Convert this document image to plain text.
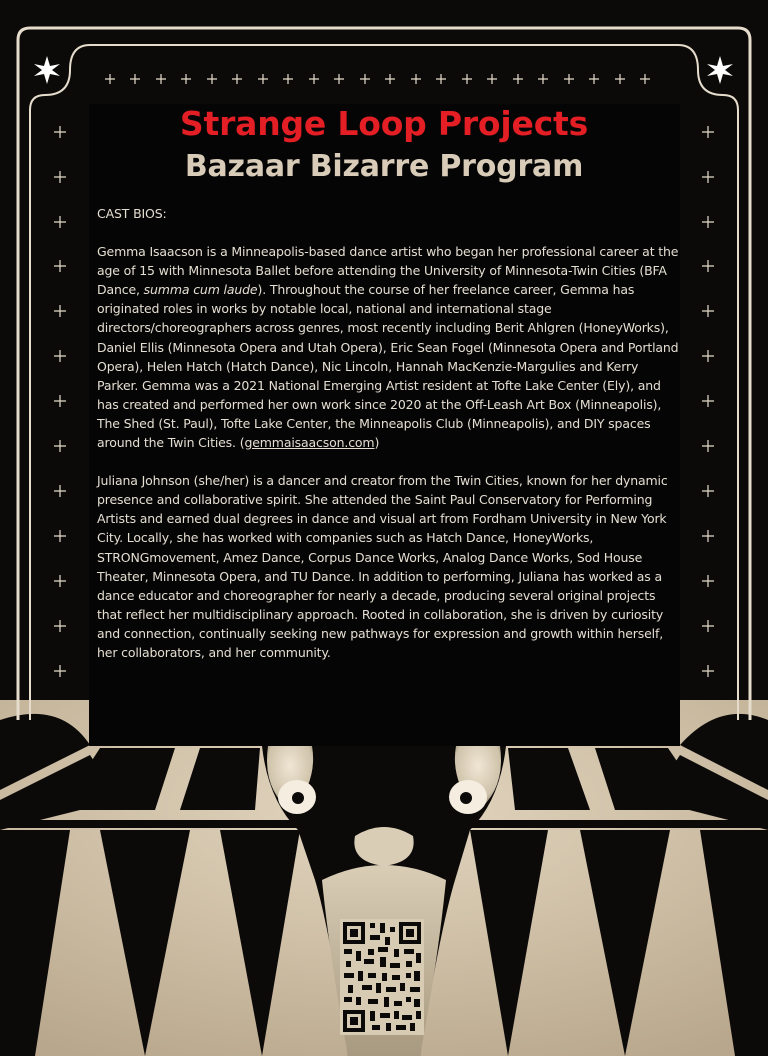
Strange Loop Projects
Bazaar Bizarre Program

CAST BIOS:

Gemma Isaacson is a Minneapolis-based dance artist who began her professional career at the age of 15 with Minnesota Ballet before attending the University of Minnesota-Twin Cities (BFA Dance, summa cum laude). Throughout the course of her freelance career, Gemma has originated roles in works by notable local, national and international stage directors/choreographers across genres, most recently including Berit Ahlgren (HoneyWorks), Daniel Ellis (Minnesota Opera and Utah Opera), Eric Sean Fogel (Minnesota Opera and Portland Opera), Helen Hatch (Hatch Dance), Nic Lincoln, Hannah MacKenzie-Margulies and Kerry Parker. Gemma was a 2021 National Emerging Artist resident at Tofte Lake Center (Ely), and has created and performed her own work since 2020 at the Off-Leash Art Box (Minneapolis), The Shed (St. Paul), Tofte Lake Center, the Minneapolis Club (Minneapolis), and DIY spaces around the Twin Cities. (gemmaisaacson.com)

Juliana Johnson (she/her) is a dancer and creator from the Twin Cities, known for her dynamic presence and collaborative spirit. She attended the Saint Paul Conservatory for Performing Artists and earned dual degrees in dance and visual art from Fordham University in New York City. Locally, she has worked with companies such as Hatch Dance, HoneyWorks, STRONGmovement, Amez Dance, Corpus Dance Works, Analog Dance Works, Sod House Theater, Minnesota Opera, and TU Dance. In addition to performing, Juliana has worked as a dance educator and choreographer for nearly a decade, producing several original projects that reflect her multidisciplinary approach. Rooted in collaboration, she is driven by curiosity and connection, continually seeking new pathways for expression and growth within herself, her collaborators, and her community.
